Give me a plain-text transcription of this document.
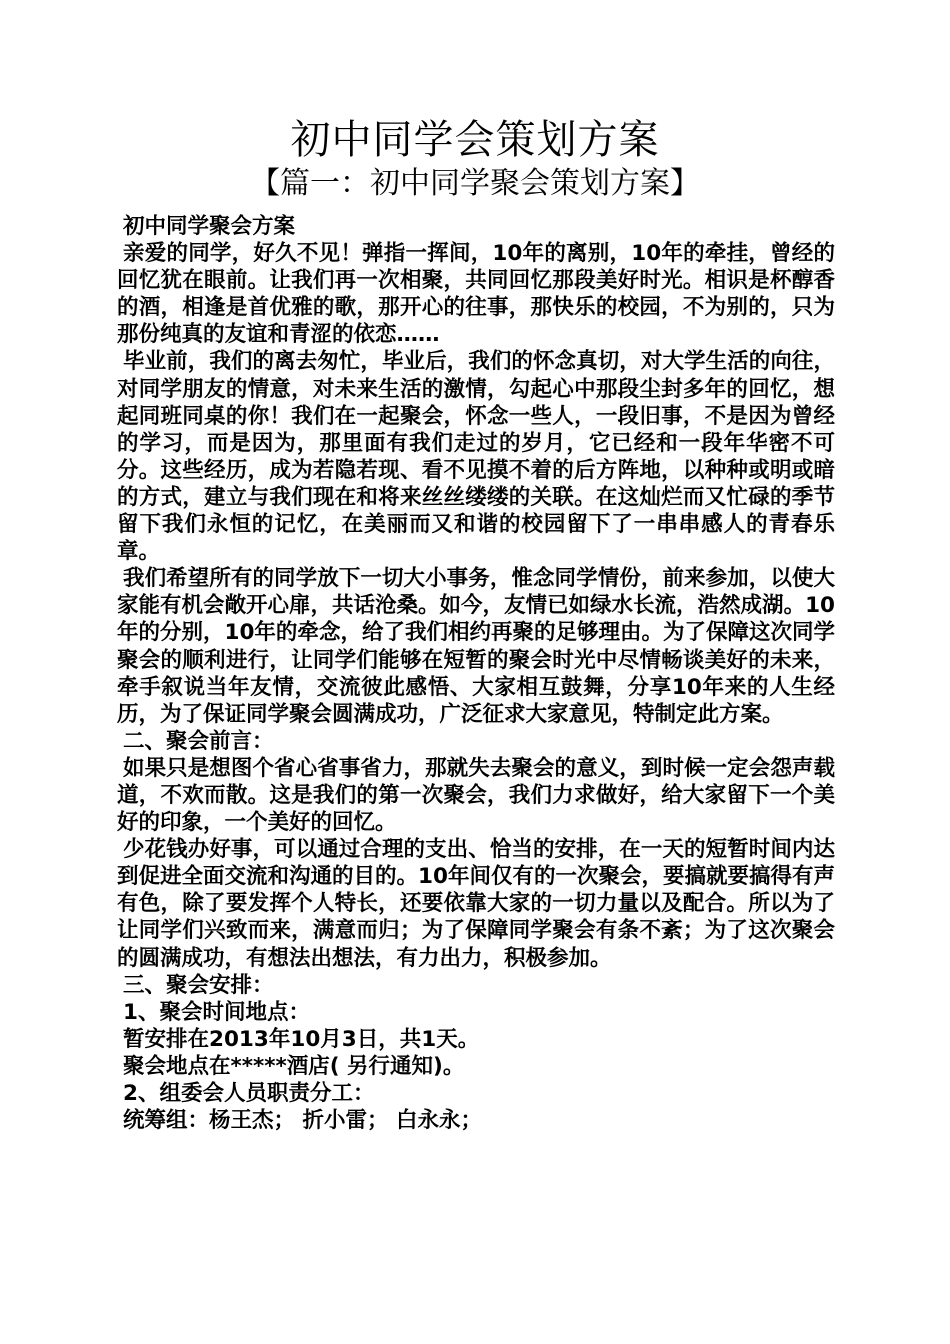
初中同学会策划方案
【篇一：初中同学聚会策划方案】

初中同学聚会方案

亲爱的同学，好久不见！弹指一挥间，10年的离别，10年的牵挂，曾经的回忆犹在眼前。让我们再一次相聚，共同回忆那段美好时光。相识是杯醇香的酒，相逢是首优雅的歌，那开心的往事，那快乐的校园，不为别的，只为那份纯真的友谊和青涩的依恋……

毕业前，我们的离去匆忙，毕业后，我们的怀念真切，对大学生活的向往，对同学朋友的情意，对未来生活的激情，勾起心中那段尘封多年的回忆，想起同班同桌的你！我们在一起聚会，怀念一些人，一段旧事，不是因为曾经的学习，而是因为，那里面有我们走过的岁月，它已经和一段年华密不可分。这些经历，成为若隐若现、看不见摸不着的后方阵地，以种种或明或暗的方式，建立与我们现在和将来丝丝缕缕的关联。在这灿烂而又忙碌的季节留下我们永恒的记忆，在美丽而又和谐的校园留下了一串串感人的青春乐章。

我们希望所有的同学放下一切大小事务，惟念同学情份，前来参加，以使大家能有机会敞开心扉，共话沧桑。如今，友情已如绿水长流，浩然成湖。10年的分别，10年的牵念，给了我们相约再聚的足够理由。为了保障这次同学聚会的顺利进行，让同学们能够在短暂的聚会时光中尽情畅谈美好的未来，牵手叙说当年友情，交流彼此感悟、大家相互鼓舞，分享10年来的人生经历，为了保证同学聚会圆满成功，广泛征求大家意见，特制定此方案。

二、聚会前言：

如果只是想图个省心省事省力，那就失去聚会的意义，到时候一定会怨声载道，不欢而散。这是我们的第一次聚会，我们力求做好，给大家留下一个美好的印象，一个美好的回忆。

少花钱办好事，可以通过合理的支出、恰当的安排，在一天的短暂时间内达到促进全面交流和沟通的目的。10年间仅有的一次聚会，要搞就要搞得有声有色，除了要发挥个人特长，还要依靠大家的一切力量以及配合。所以为了让同学们兴致而来，满意而归；为了保障同学聚会有条不紊；为了这次聚会的圆满成功，有想法出想法，有力出力，积极参加。

三、聚会安排：

1、聚会时间地点：

暂安排在2013年10月3日，共1天。

聚会地点在*****酒店( 另行通知)。

2、组委会人员职责分工：

统筹组：杨王杰； 折小雷； 白永永；
